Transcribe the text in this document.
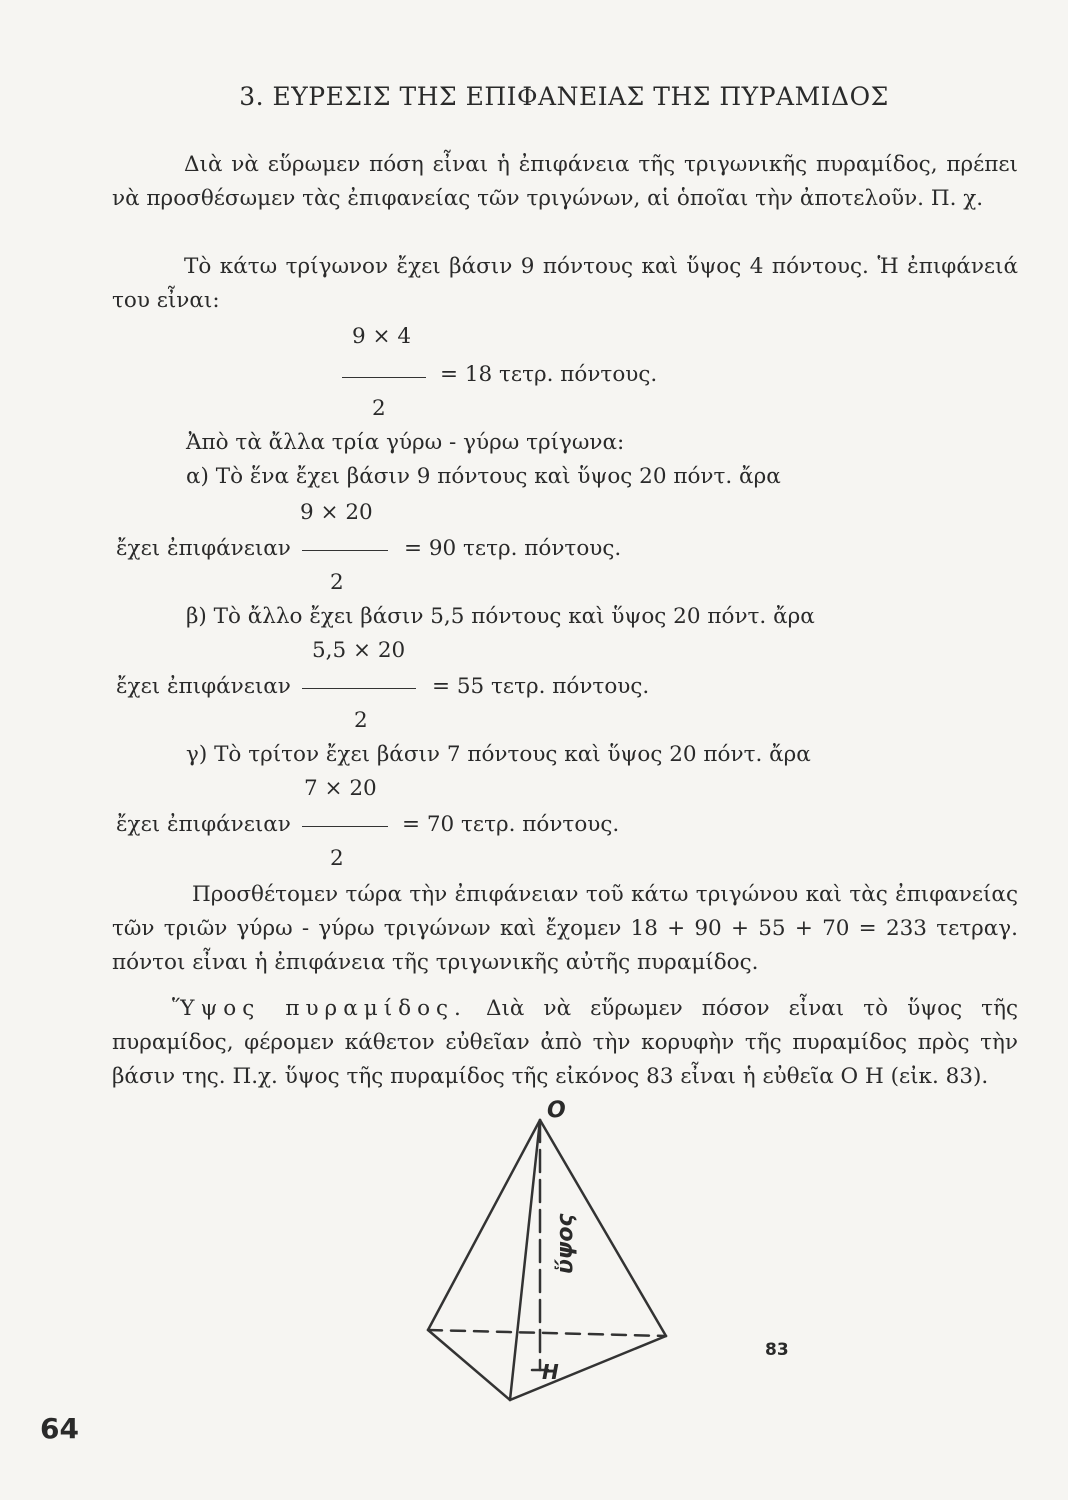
3. ΕΥΡΕΣΙΣ ΤΗΣ ΕΠΙΦΑΝΕΙΑΣ ΤΗΣ ΠΥΡΑΜΙΔΟΣ
Διὰ νὰ εὕρωμεν πόση εἶναι ἡ ἐπιφάνεια τῆς τριγωνικῆς πυραμίδος, πρέπει νὰ προσθέσωμεν τὰς ἐπιφανείας τῶν τριγώνων, αἱ ὁποῖαι τὴν ἀποτελοῦν. Π. χ.
Τὸ κάτω τρίγωνον ἔχει βάσιν 9 πόντους καὶ ὕψος 4 πόντους. Ἡ ἐπιφάνειά του εἶναι:
9 × 4
= 18 τετρ. πόντους.
2
Ἀπὸ τὰ ἄλλα τρία γύρω - γύρω τρίγωνα:
α) Τὸ ἕνα ἔχει βάσιν 9 πόντους καὶ ὕψος 20 πόντ. ἄρα
9 × 20
ἔχει ἐπιφάνειαν	= 90 τετρ. πόντους.
2
β) Τὸ ἄλλο ἔχει βάσιν 5,5 πόντους καὶ ὕψος 20 πόντ. ἄρα
5,5 × 20
ἔχει ἐπιφάνειαν	= 55 τετρ. πόντους.
2
γ) Τὸ τρίτον ἔχει βάσιν 7 πόντους καὶ ὕψος 20 πόντ. ἄρα
7 × 20
ἔχει ἐπιφάνειαν	= 70 τετρ. πόντους.
2
Προσθέτομεν τώρα τὴν ἐπιφάνειαν τοῦ κάτω τριγώνου καὶ τὰς ἐπιφανείας τῶν τριῶν γύρω - γύρω τριγώνων καὶ ἔχομεν 18 + 90 + 55 + 70 = 233 τετραγ. πόντοι εἶναι ἡ ἐπιφάνεια τῆς τριγωνικῆς αὐτῆς πυραμίδος.
Ὕψος πυραμίδος. Διὰ νὰ εὕρωμεν πόσον εἶναι τὸ ὕψος τῆς πυραμίδος, φέρομεν κάθετον εὐθεῖαν ἀπὸ τὴν κορυφὴν τῆς πυραμίδος πρὸς τὴν βάσιν της. Π.χ. ὕψος τῆς πυραμίδος τῆς εἰκόνος 83 εἶναι ἡ εὐθεῖα Ο Η (εἰκ. 83).
Ο
Η
ὕψος
83
64
